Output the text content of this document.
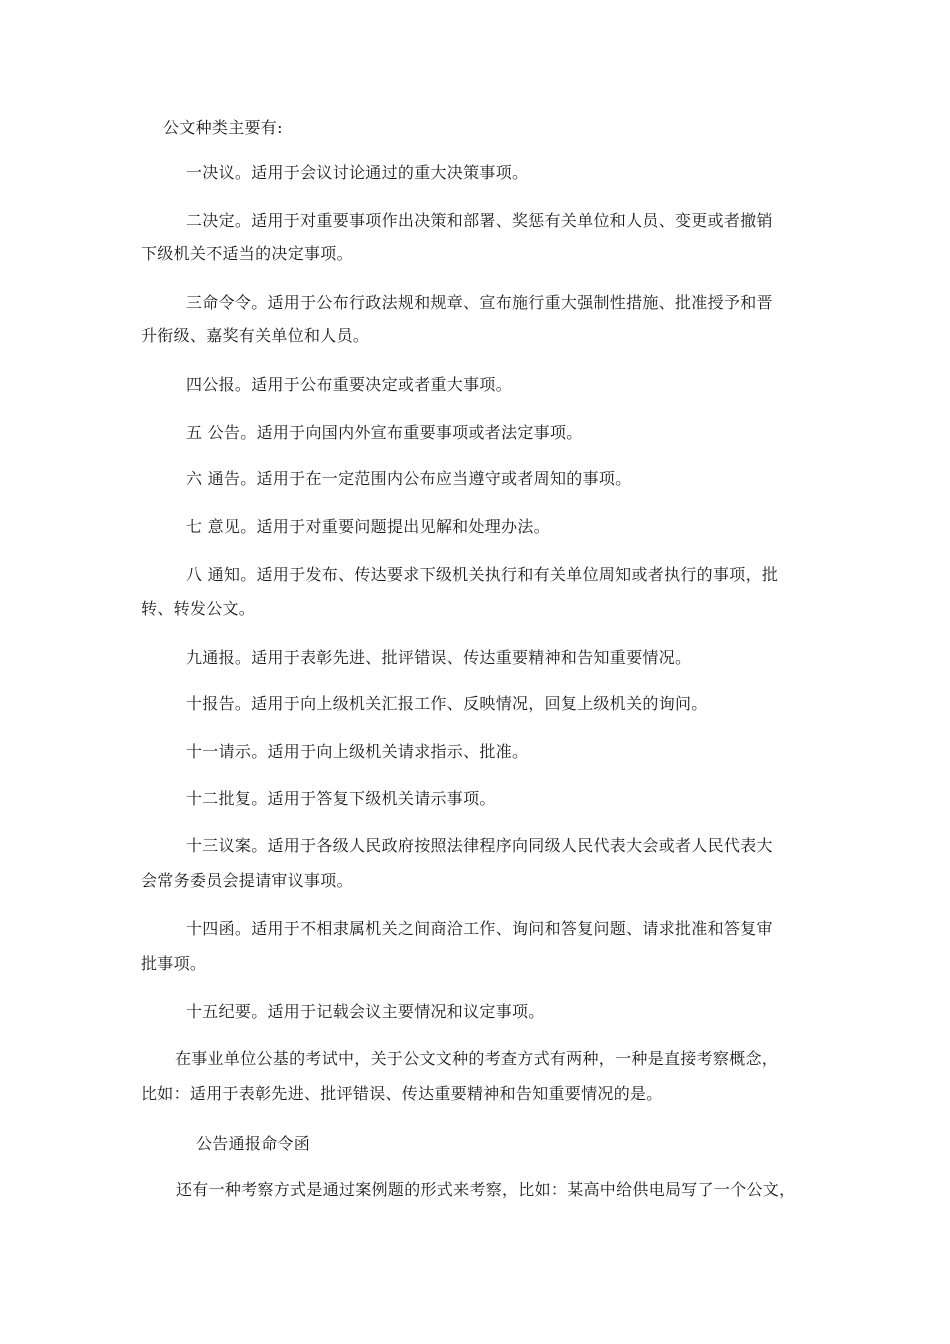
公文种类主要有:
一决议。适用于会议讨论通过的重大决策事项。
二决定。适用于对重要事项作出决策和部署、奖惩有关单位和人员、变更或者撤销
下级机关不适当的决定事项。
三命令令。适用于公布行政法规和规章、宣布施行重大强制性措施、批准授予和晋
升衔级、嘉奖有关单位和人员。
四公报。适用于公布重要决定或者重大事项。
五 公告。适用于向国内外宣布重要事项或者法定事项。
六 通告。适用于在一定范围内公布应当遵守或者周知的事项。
七 意见。适用于对重要问题提出见解和处理办法。
八 通知。适用于发布、传达要求下级机关执行和有关单位周知或者执行的事项，批
转、转发公文。
九通报。适用于表彰先进、批评错误、传达重要精神和告知重要情况。
十报告。适用于向上级机关汇报工作、反映情况，回复上级机关的询问。
十一请示。适用于向上级机关请求指示、批准。
十二批复。适用于答复下级机关请示事项。
十三议案。适用于各级人民政府按照法律程序向同级人民代表大会或者人民代表大
会常务委员会提请审议事项。
十四函。适用于不相隶属机关之间商洽工作、询问和答复问题、请求批准和答复审
批事项。
十五纪要。适用于记载会议主要情况和议定事项。
在事业单位公基的考试中，关于公文文种的考查方式有两种，一种是直接考察概念，
比如：适用于表彰先进、批评错误、传达重要精神和告知重要情况的是。
公告通报命令函
还有一种考察方式是通过案例题的形式来考察，比如：某高中给供电局写了一个公文，
